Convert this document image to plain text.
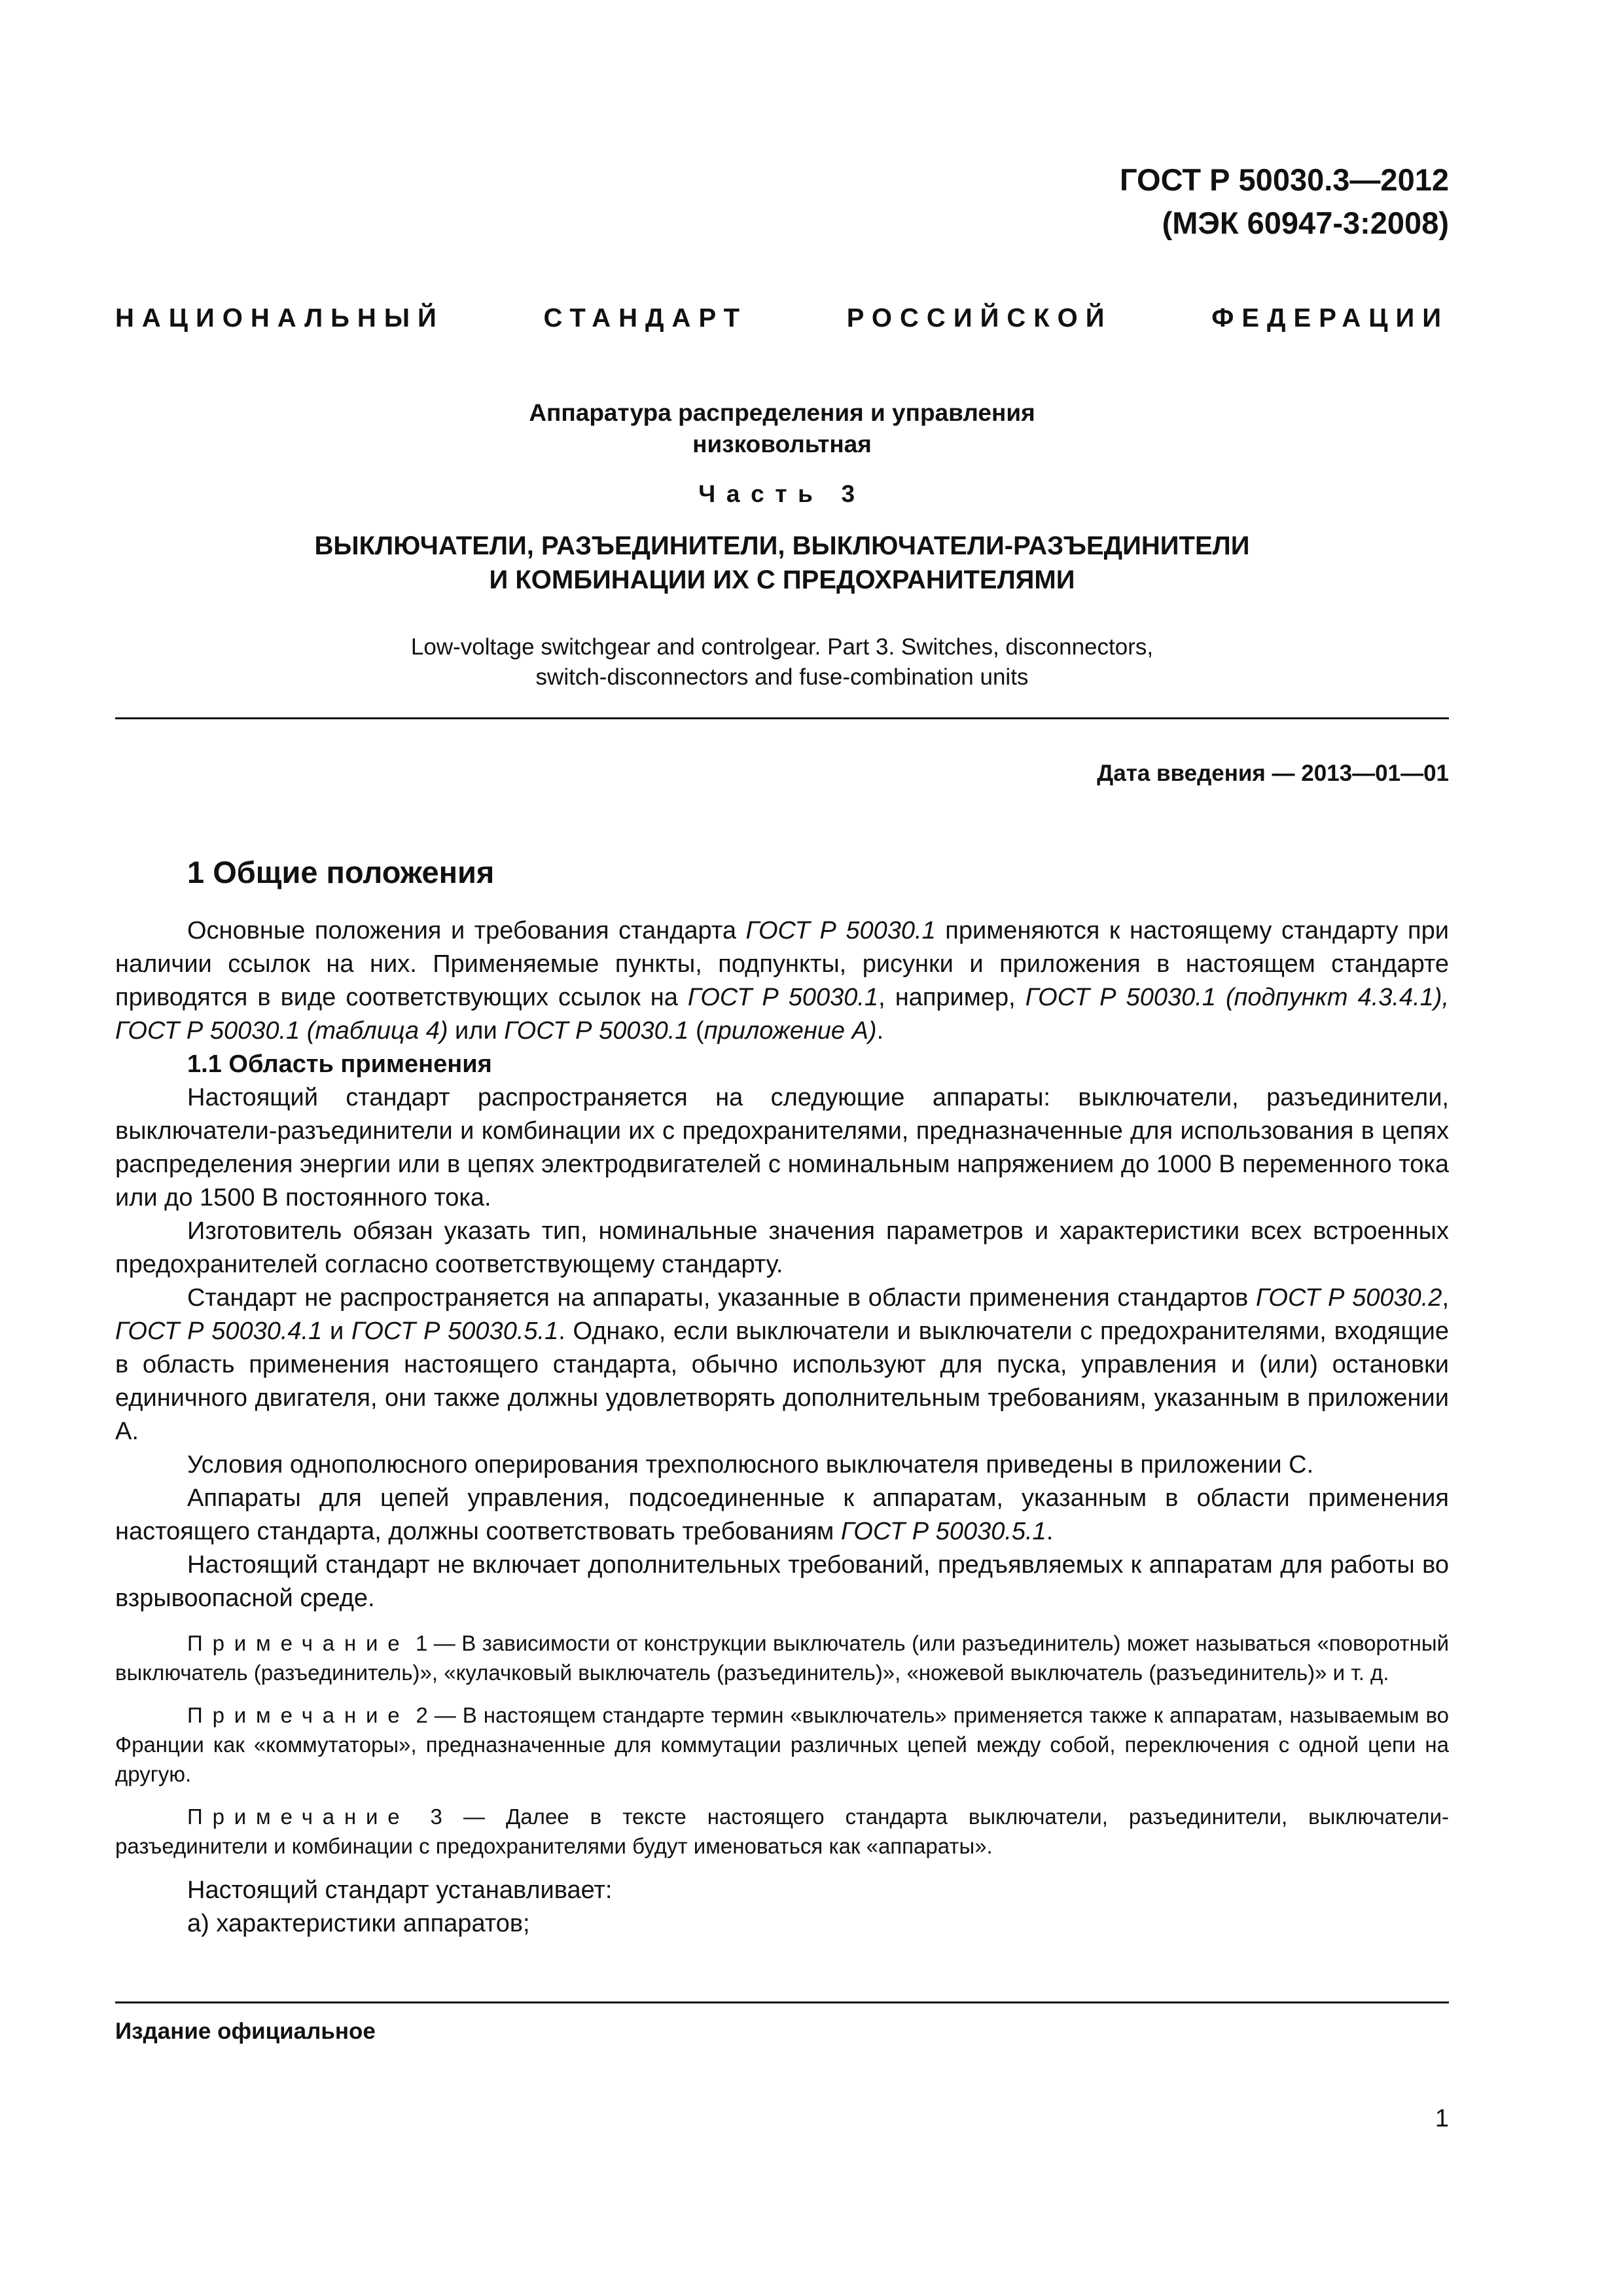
ГОСТ Р 50030.3—2012
(МЭК 60947-3:2008)
НАЦИОНАЛЬНЫЙ СТАНДАРТ РОССИЙСКОЙ ФЕДЕРАЦИИ
Аппаратура распределения и управления
низковольтная
Часть 3
ВЫКЛЮЧАТЕЛИ, РАЗЪЕДИНИТЕЛИ, ВЫКЛЮЧАТЕЛИ-РАЗЪЕДИНИТЕЛИ
И КОМБИНАЦИИ ИХ С ПРЕДОХРАНИТЕЛЯМИ
Low-voltage switchgear and controlgear. Part 3. Switches, disconnectors,
switch-disconnectors and fuse-combination units
Дата введения — 2013—01—01
1 Общие положения

Основные положения и требования стандарта ГОСТ Р 50030.1 применяются к настоящему стандарту при наличии ссылок на них. Применяемые пункты, подпункты, рисунки и приложения в настоящем стандарте приводятся в виде соответствующих ссылок на ГОСТ Р 50030.1, например, ГОСТ Р 50030.1 (подпункт 4.3.4.1), ГОСТ Р 50030.1 (таблица 4) или ГОСТ Р 50030.1 (приложение А).

1.1 Область применения

Настоящий стандарт распространяется на следующие аппараты: выключатели, разъединители, выключатели-разъединители и комбинации их с предохранителями, предназначенные для использования в цепях распределения энергии или в цепях электродвигателей с номинальным напряжением до 1000 В переменного тока или до 1500 В постоянного тока.

Изготовитель обязан указать тип, номинальные значения параметров и характеристики всех встроенных предохранителей согласно соответствующему стандарту.

Стандарт не распространяется на аппараты, указанные в области применения стандартов ГОСТ Р 50030.2, ГОСТ Р 50030.4.1 и ГОСТ Р 50030.5.1. Однако, если выключатели и выключатели с предохранителями, входящие в область применения настоящего стандарта, обычно используют для пуска, управления и (или) остановки единичного двигателя, они также должны удовлетворять дополнительным требованиям, указанным в приложении А.

Условия однополюсного оперирования трехполюсного выключателя приведены в приложении С.

Аппараты для цепей управления, подсоединенные к аппаратам, указанным в области применения настоящего стандарта, должны соответствовать требованиям ГОСТ Р 50030.5.1.

Настоящий стандарт не включает дополнительных требований, предъявляемых к аппаратам для работы во взрывоопасной среде.

Примечание 1 — В зависимости от конструкции выключатель (или разъединитель) может называться «поворотный выключатель (разъединитель)», «кулачковый выключатель (разъединитель)», «ножевой выключатель (разъединитель)» и т. д.

Примечание 2 — В настоящем стандарте термин «выключатель» применяется также к аппаратам, называемым во Франции как «коммутаторы», предназначенные для коммутации различных цепей между собой, переключения с одной цепи на другую.

Примечание 3 — Далее в тексте настоящего стандарта выключатели, разъединители, выключатели-разъединители и комбинации с предохранителями будут именоваться как «аппараты».

Настоящий стандарт устанавливает:

а) характеристики аппаратов;

Издание официальное
1
